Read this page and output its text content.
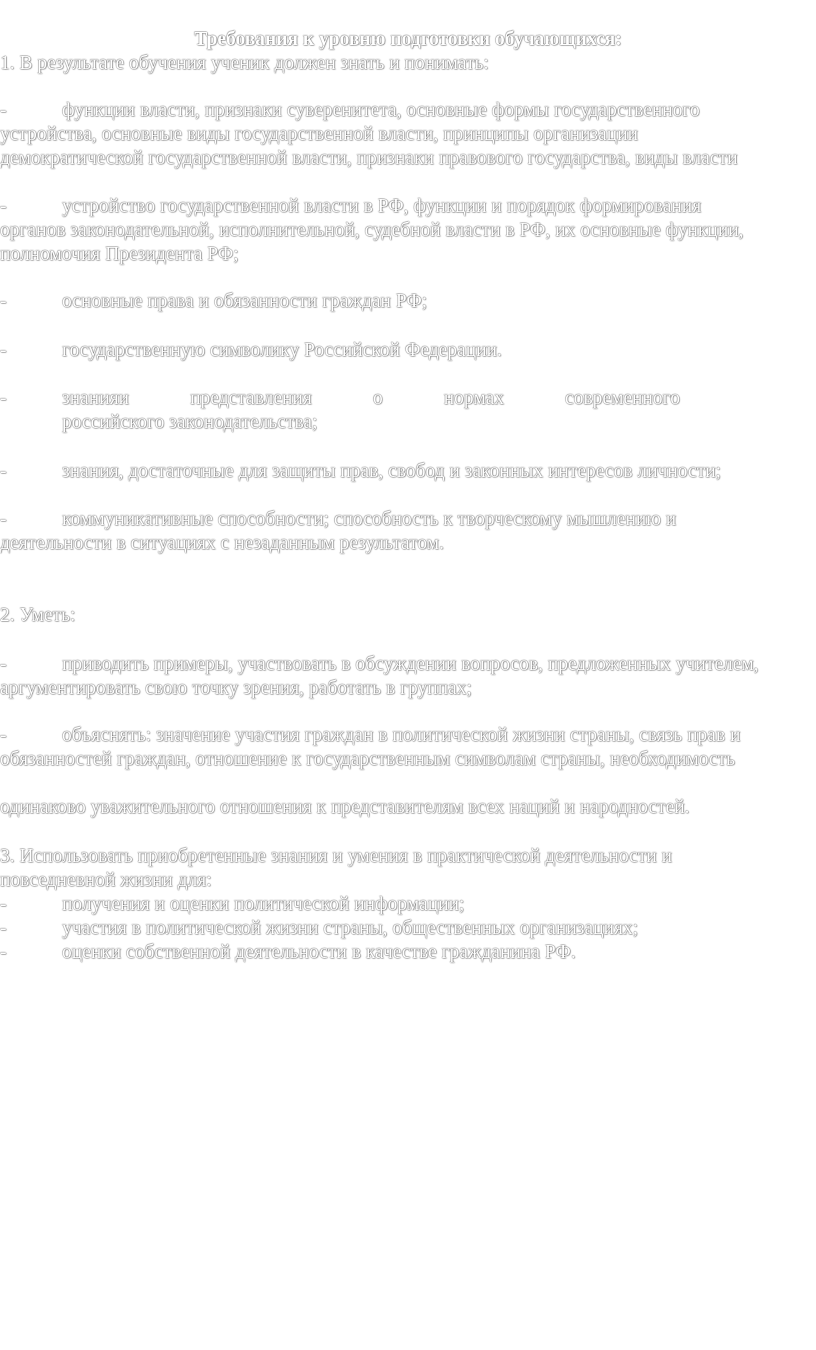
Требования к уровню подготовки обучающихся:
1. В результате обучения ученик должен знать и понимать:
-	функции власти, признаки суверенитета, основные формы государственного
устройства, основные виды государственной власти, принципы организации
демократической государственной власти, признаки правового государства, виды власти
-	устройство государственной власти в РФ, функции и порядок формирования
органов законодательной, исполнительной, судебной власти в РФ, их основные функции,
полномочия Президента РФ;
-	основные права и обязанности граждан РФ;
-	государственную символику Российской Федерации.
-	знанияи	представления	о	нормах	современного
российского законодательства;
-	знания, достаточные для защиты прав, свобод и законных интересов личности;
-	коммуникативные способности; способность к творческому мышлению и
деятельности в ситуациях с незаданным результатом.
2. Уметь:
-	приводить примеры, участвовать в обсуждении вопросов, предложенных учителем,
аргументировать свою точку зрения, работать в группах;
-	объяснять: значение участия граждан в политической жизни страны, связь прав и
обязанностей граждан, отношение к государственным символам страны, необходимость
одинаково уважительного отношения к представителям всех наций и народностей.
3. Использовать приобретенные знания и умения в практической деятельности и
повседневной жизни для:
-	получения и оценки политической информации;
-	участия в политической жизни страны, общественных организациях;
-	оценки собственной деятельности в качестве гражданина РФ.
